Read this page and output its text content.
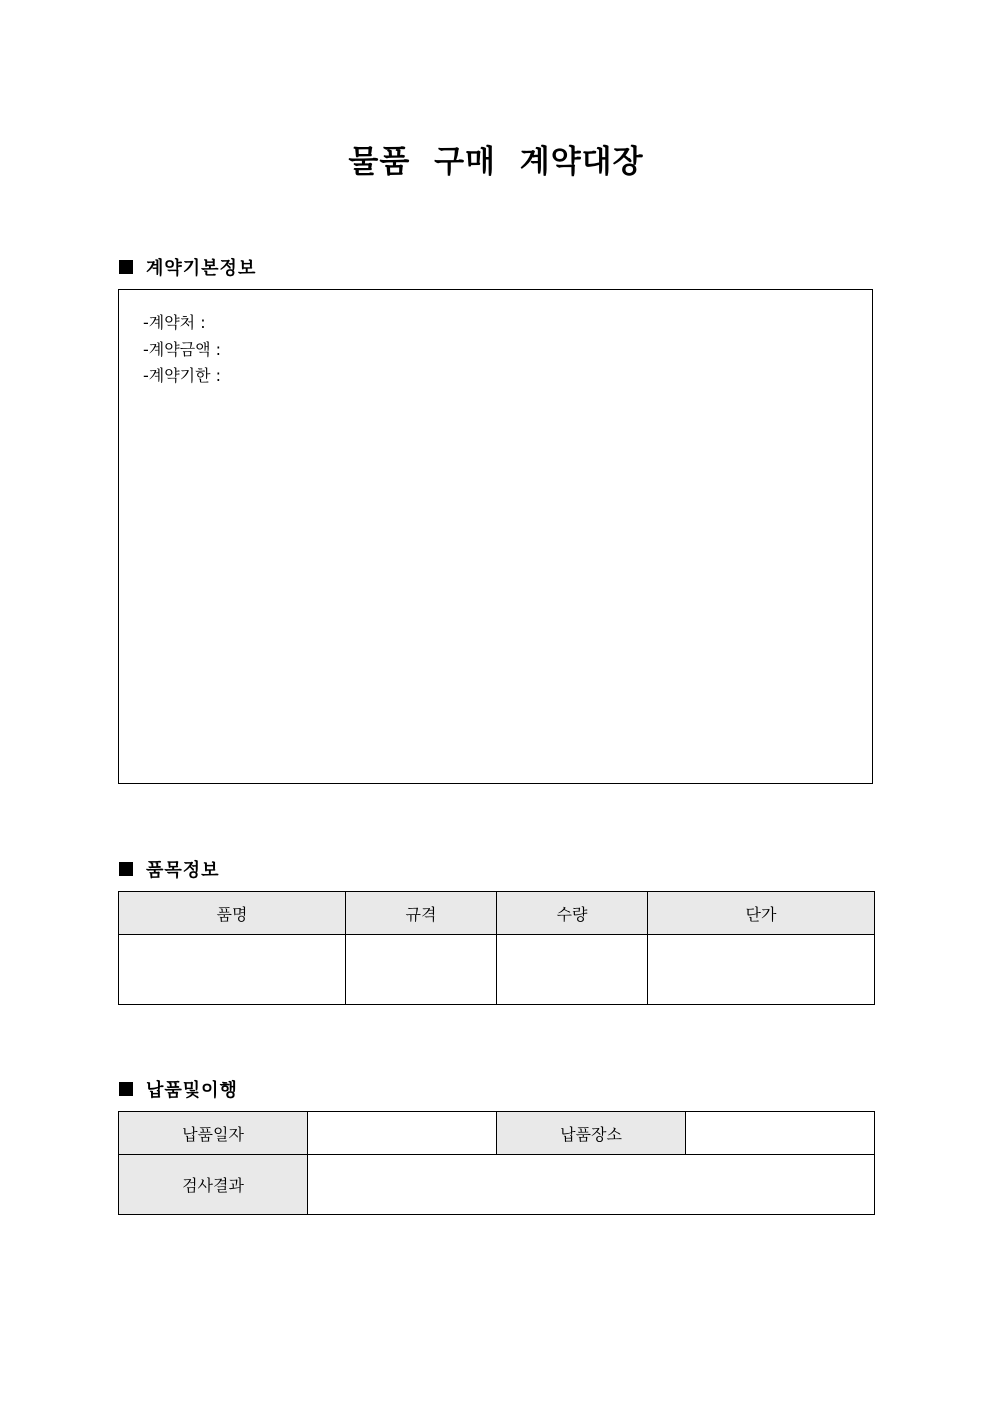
물품 구매 계약대장
계약기본정보
-계약처 :
-계약금액 :
-계약기한 :
품목정보
품명	규격	수량	단가

납품및이행
납품일자		납품장소	
검사결과			
